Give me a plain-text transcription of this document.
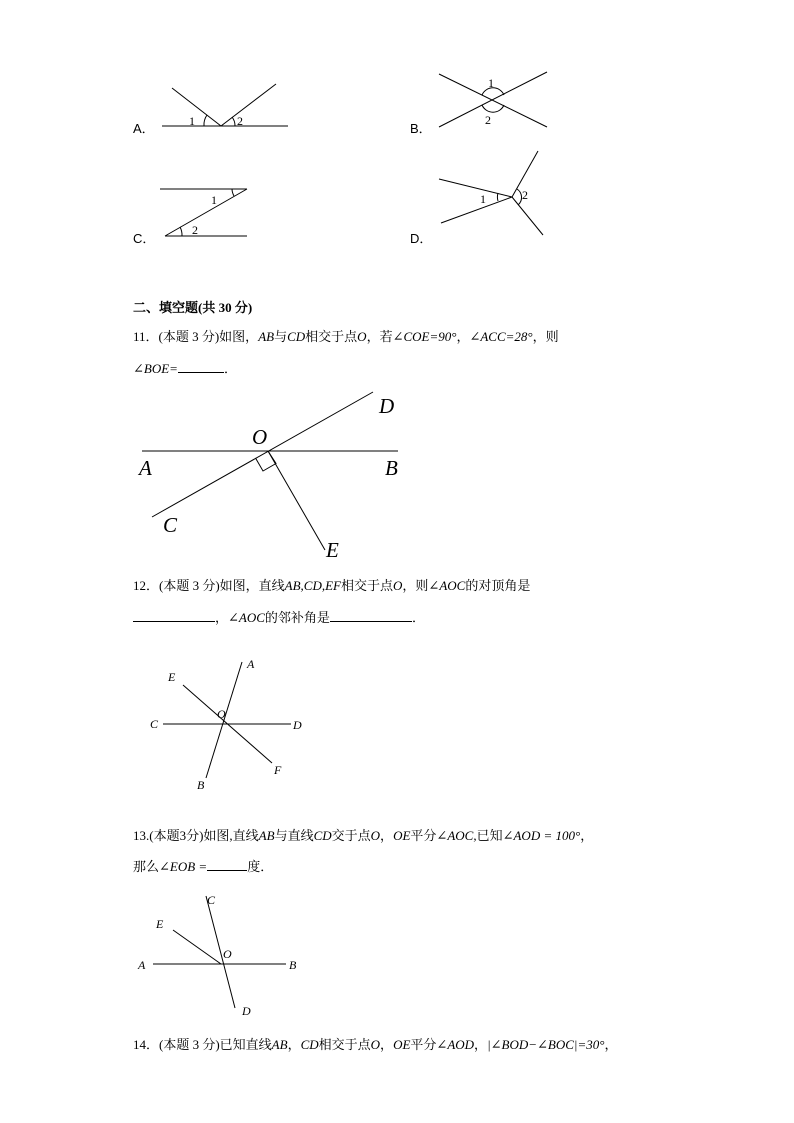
A．	1	2	B．
1
2
C．
1
2
D．
1	2
二、填空题(共 30 分)
11．(本题 3 分)如图，AB与CD相交于点O，若∠COE=90°，∠ACC=28°，则
∠BOE=	．
O
A	B
C
D
E
12．(本题 3 分)如图，直线AB,CD,EF相交于点O，则∠AOC的对顶角是
，∠AOC的邻补角是	．
A
B
C	D
E
F
O
13.(本题3分)如图,直线AB与直线CD交于点O，OE平分∠AOC,已知∠AOD = 100°，
那么∠EOB =	度．
C
D
A	B
E
O
14．(本题 3 分)已知直线AB，CD相交于点O，OE平分∠AOD，|∠BOD−∠BOC|=30°，
